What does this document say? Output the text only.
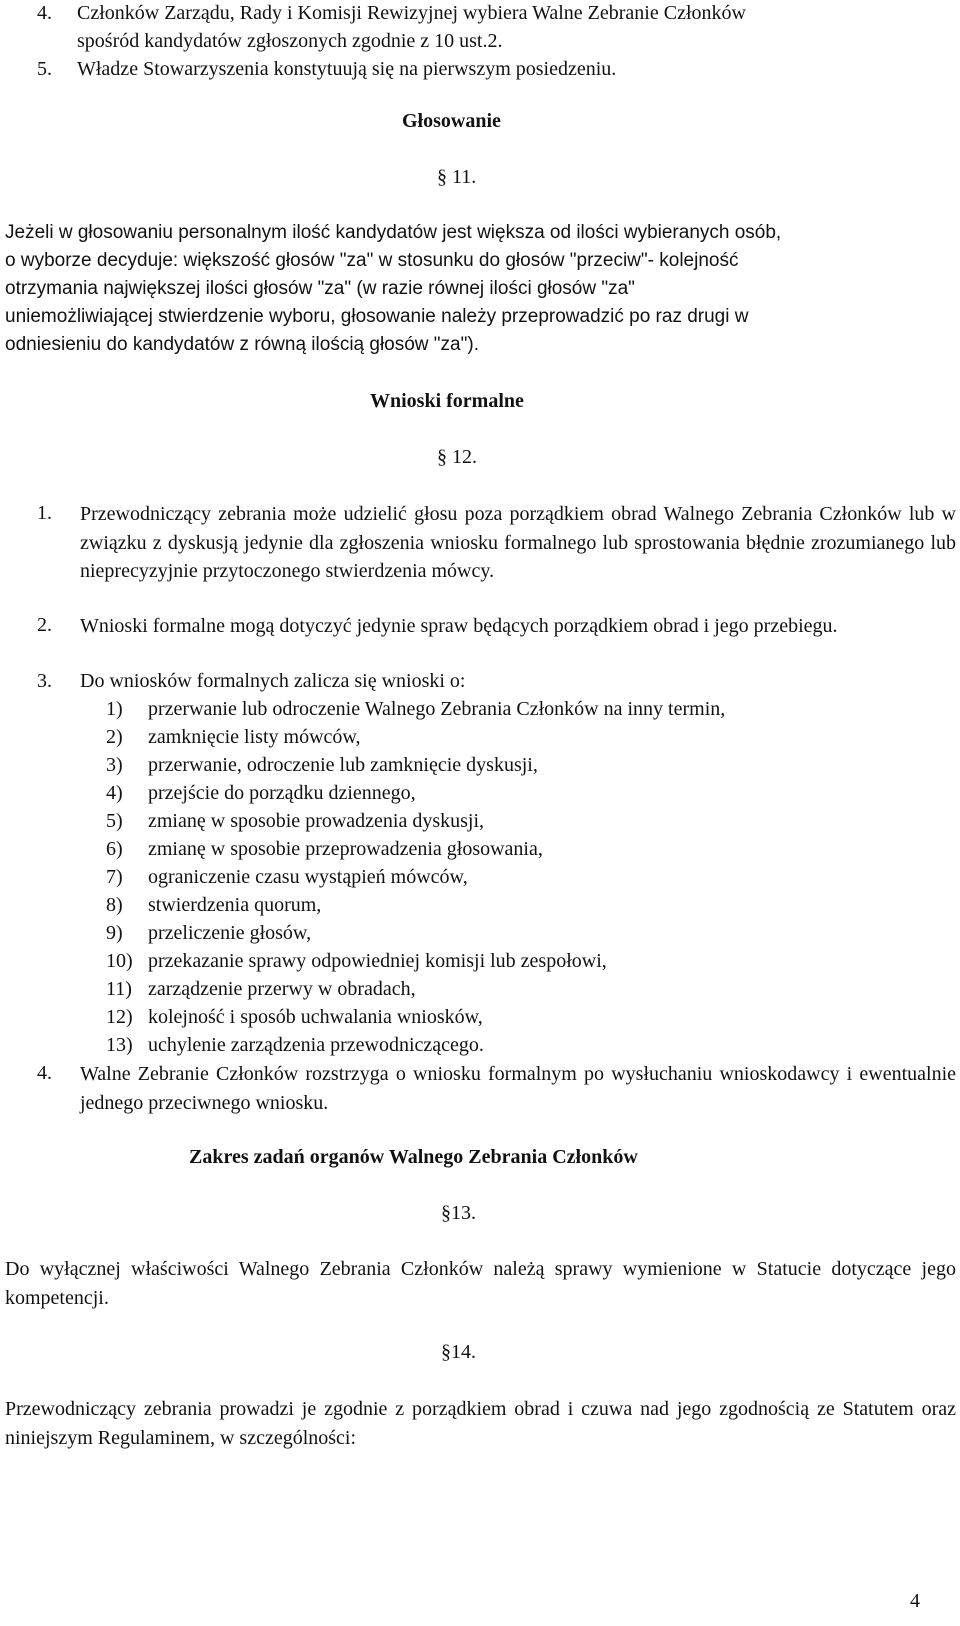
4. Członków Zarządu, Rady i Komisji Rewizyjnej wybiera Walne Zebranie Członków
spośród kandydatów zgłoszonych zgodnie z 10 ust.2.
5. Władze Stowarzyszenia konstytuują się na pierwszym posiedzeniu.
Głosowanie
§ 11.
Jeżeli w głosowaniu personalnym ilość kandydatów jest większa od ilości wybieranych osób,
o wyborze decyduje: większość głosów "za" w stosunku do głosów "przeciw"- kolejność
otrzymania największej ilości głosów "za" (w razie równej ilości głosów "za"
uniemożliwiającej stwierdzenie wyboru, głosowanie należy przeprowadzić po raz drugi w
odniesieniu do kandydatów z równą ilością głosów "za").
Wnioski formalne
§ 12.
1. Przewodniczący zebrania może udzielić głosu poza porządkiem obrad Walnego Zebrania Członków lub w związku z dyskusją jedynie dla zgłoszenia wniosku formalnego lub sprostowania błędnie zrozumianego lub nieprecyzyjnie przytoczonego stwierdzenia mówcy.
2. Wnioski formalne mogą dotyczyć jedynie spraw będących porządkiem obrad i jego przebiegu.
3. Do wniosków formalnych zalicza się wnioski o:
1) przerwanie lub odroczenie Walnego Zebrania Członków na inny termin,
2) zamknięcie listy mówców,
3) przerwanie, odroczenie lub zamknięcie dyskusji,
4) przejście do porządku dziennego,
5) zmianę w sposobie prowadzenia dyskusji,
6) zmianę w sposobie przeprowadzenia głosowania,
7) ograniczenie czasu wystąpień mówców,
8) stwierdzenia quorum,
9) przeliczenie głosów,
10) przekazanie sprawy odpowiedniej komisji lub zespołowi,
11) zarządzenie przerwy w obradach,
12) kolejność i sposób uchwalania wniosków,
13) uchylenie zarządzenia przewodniczącego.
4. Walne Zebranie Członków rozstrzyga o wniosku formalnym po wysłuchaniu wnioskodawcy i ewentualnie jednego przeciwnego wniosku.
Zakres zadań organów Walnego Zebrania Członków
§13.
Do wyłącznej właściwości Walnego Zebrania Członków należą sprawy wymienione w Statucie dotyczące jego kompetencji.
§14.
Przewodniczący zebrania prowadzi je zgodnie z porządkiem obrad i czuwa nad jego zgodnością ze Statutem oraz niniejszym Regulaminem, w szczególności:
4
